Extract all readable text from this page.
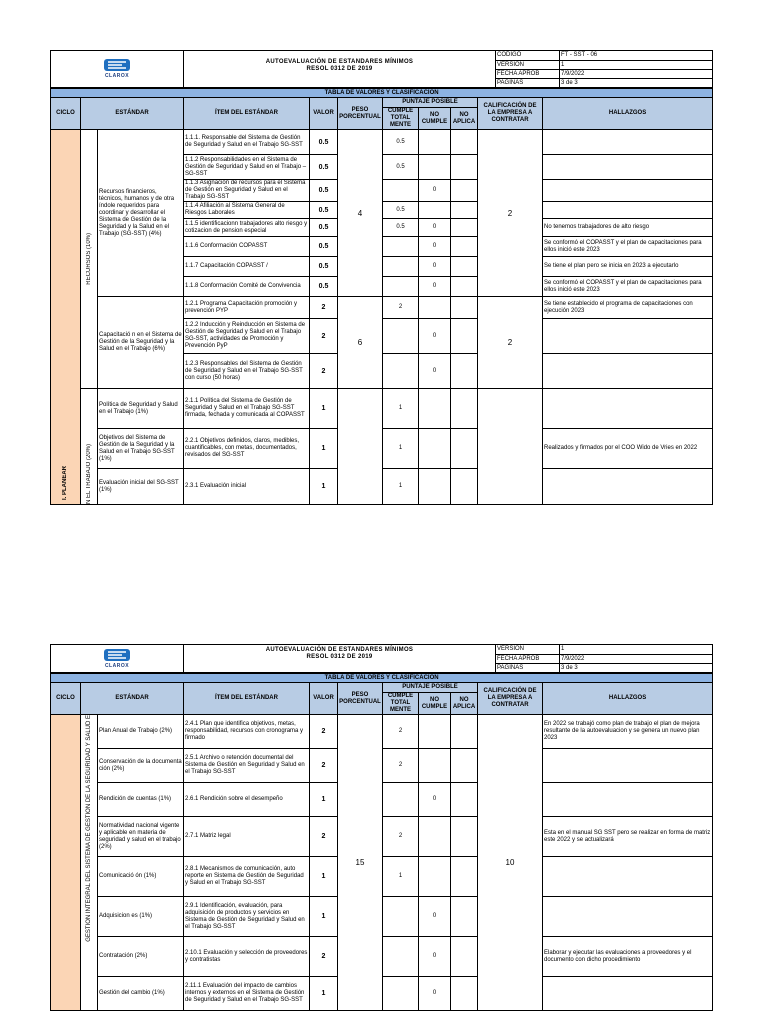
CLAROX	AUTOEVALUACIÓN DE ESTANDARES MÍNIMOS
RESOL 0312 DE 2019	CÓDIGO	FT - SST - 06
		VERSIÓN	1
		FECHA APROB	7/9/2022
		PAGINAS	3 de 3
TABLA DE VALORES Y CLASIFICACION										
CICLO	ESTÁNDAR		ÍTEM DEL ESTÁNDAR	VALOR	PESO PORCENTUAL	PUNTAJE POSIBLE			CALIFICACIÓN DE LA EMPRESA A CONTRATAR	HALLAZGOS
						CUMPLE TOTAL MENTE	NO CUMPLE	NO APLICA		

I. PLANEAR	RECURSOS (10%)	Recursos financieros, técnicos, humanos y de otra índole requeridos para coordinar y desarrollar el Sistema de Gestión de la Seguridad y la Salud en el Trabajo (SG-SST) (4%)	1.1.1. Responsable del Sistema de Gestión de Seguridad y Salud en el Trabajo SG-SST	0.5	4	0.5			2	
			1.1.2 Responsabilidades en el Sistema de Gestión de Seguridad y Salud en el Trabajo – SG-SST	0.5		0.5				
			1.1.3 Asignación de recursos para el Sistema de Gestión en Seguridad y Salud en el Trabajo SG-SST	0.5			0			
			1.1.4 Afiliación al Sistema General de Riesgos Laborales	0.5		0.5				
			1.1.5 identificacionn trabajadores alto riesgo y cotizacion de pension especial	0.5		0.5	0			No tenemos trabajadores de alto riesgo
			1.1.6 Conformación COPASST	0.5			0			Se conformó el COPASST y el plan de capacitaciones para ellos inició este 2023
			1.1.7 Capacitación COPASST /	0.5			0			Se tiene el plan pero se inicia en 2023 a ejecutarlo
			1.1.8 Conformación Comité de Convivencia	0.5			0			Se conformó el COPASST y el plan de capacitaciones para ellos inició este 2023
		Capacitació n en el Sistema de Gestión de la Seguridad y la Salud en el Trabajo (6%)	1.2.1 Programa Capacitación promoción y prevención PYP	2	6	2			2	Se tiene establecido el programa de capacitaciones con ejecución 2023
			1.2.2 Inducción y Reinducción en Sistema de Gestión de Seguridad y Salud en el Trabajo SG-SST, actividades de Promoción y Prevención PyP	2			0			
			1.2.3 Responsables del Sistema de Gestión de Seguridad y Salud en el Trabajo SG-SST con curso (50 horas)	2			0			

	N EL TRABAJO (20%)	Política de Seguridad y Salud en el Trabajo (1%)	2.1.1 Política del Sistema de Gestión de Seguridad y Salud en el Trabajo SG-SST firmada, fechada y comunicada al COPASST	1		1				
		Objetivos del Sistema de Gestión de la Seguridad y la Salud en el Trabajo SG-SST (1%)	2.2.1 Objetivos definidos, claros, medibles, cuantificables, con metas, documentados, revisados del SG-SST	1		1				Realizados y firmados por el COO Wido de Vries en 2022
		Evaluación inicial del SG-SST (1%)	2.3.1 Evaluación inicial	1		1				
CLAROX	AUTOEVALUACIÓN DE ESTANDARES MÍNIMOS
RESOL 0312 DE 2019	VERSIÓN	1
		FECHA APROB	7/9/2022
		PAGINAS	3 de 3
TABLA DE VALORES Y CLASIFICACION										
CICLO	ESTÁNDAR		ÍTEM DEL ESTÁNDAR	VALOR	PESO PORCENTUAL	PUNTAJE POSIBLE			CALIFICACIÓN DE LA EMPRESA A CONTRATAR	HALLAZGOS
						CUMPLE TOTAL MENTE	NO CUMPLE	NO APLICA		

	GESTION INTEGRAL DEL SISTEMA DE GESTIÓN DE LA SEGURIDAD Y SALUD E	Plan Anual de Trabajo (2%)	2.4.1 Plan que identifica objetivos, metas, responsabilidad, recursos con cronograma y firmado	2	15	2			10	En 2022 se trabajó como plan de trabajo el plan de mejora resultante de la autoevaluacion y se genera un nuevo plan 2023
		Conservación de la documenta ción (2%)	2.5.1 Archivo o retención documental del Sistema de Gestión en Seguridad y Salud en el Trabajo SG-SST	2		2				
		Rendición de cuentas (1%)	2.6.1 Rendición sobre el desempeño	1			0			
		Normatividad nacional vigente y aplicable en materia de seguridad y salud en el trabajo (2%)	2.7.1 Matriz legal	2		2				Esta en el manual SG SST pero se realizar en forma de matriz este 2022 y se actualizará
		Comunicació ón (1%)	2.8.1 Mecanismos de comunicación, auto reporte en Sistema de Gestión de Seguridad y Salud en el Trabajo SG-SST	1		1				
		Adquisicion es (1%)	2.9.1 Identificación, evaluación, para adquisición de productos y servicios en Sistema de Gestión de Seguridad y Salud en el Trabajo SG-SST	1			0			
		Contratación (2%)	2.10.1 Evaluación y selección de proveedores y contratistas	2			0			Elaborar y ejecutar las evaluaciones a proveedores y el documento con dicho procedimiento
		Gestión del cambio (1%)	2.11.1 Evaluación del impacto de cambios internos y externos en el Sistema de Gestión de Seguridad y Salud en el Trabajo SG-SST	1			0			
